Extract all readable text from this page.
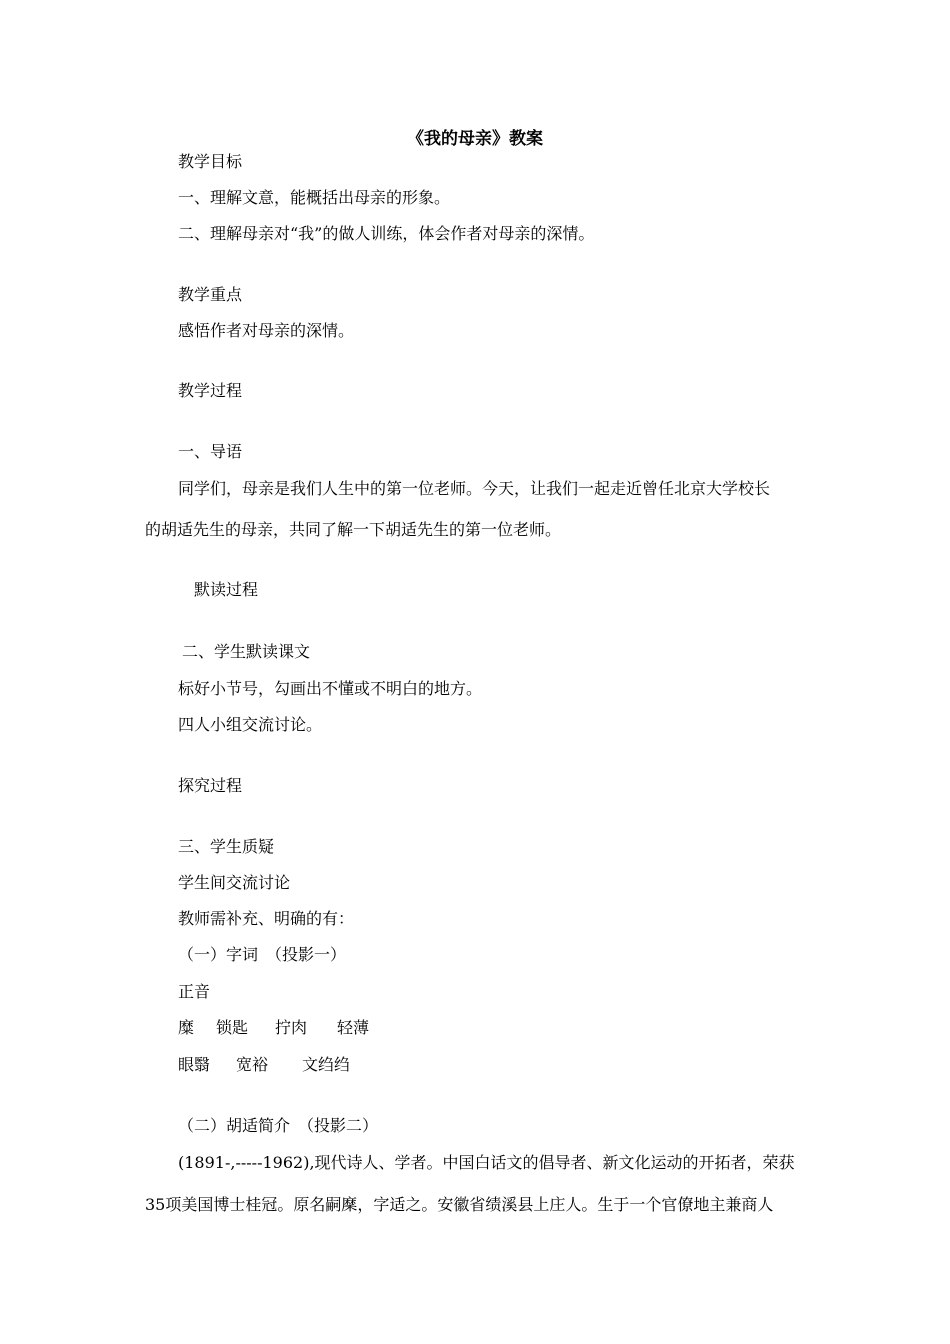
《我的母亲》教案
教学目标
一、理解文意，能概括出母亲的形象。
二、理解母亲对“我”的做人训练，体会作者对母亲的深情。
教学重点
感悟作者对母亲的深情。
教学过程
一、导语
同学们，母亲是我们人生中的第一位老师。今天，让我们一起走近曾任北京大学校长
的胡适先生的母亲，共同了解一下胡适先生的第一位老师。
默读过程
二、学生默读课文
标好小节号，勾画出不懂或不明白的地方。
四人小组交流讨论。
探究过程
三、学生质疑
学生间交流讨论
教师需补充、明确的有：
（一）字词　（投影一）
正音
糜 锁匙 拧肉 轻薄
眼翳 宽裕 文绉绉
（二）胡适简介　（投影二）
(1891-,-----1962),现代诗人、学者。中国白话文的倡导者、新文化运动的开拓者，荣获
35项美国博士桂冠。原名嗣穈，字适之。安徽省绩溪县上庄人。生于一个官僚地主兼商人
